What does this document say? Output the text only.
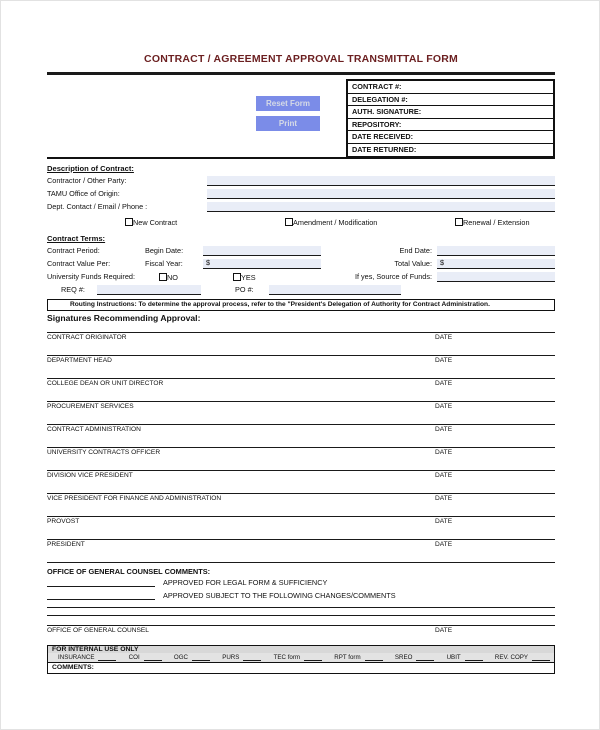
CONTRACT / AGREEMENT APPROVAL TRANSMITTAL FORM
Reset Form
Print
CONTRACT #:
DELEGATION #:
AUTH. SIGNATURE:
REPOSITORY:
DATE RECEIVED:
DATE RETURNED:
Description of Contract:
Contractor / Other Party:
TAMU Office of Origin:
Dept. Contact / Email / Phone :
New Contract	Amendment / Modification	Renewal / Extension
Contract Terms:
Contract Period:	Begin Date:	End Date:
Contract Value Per:	Fiscal Year:	$	Total Value:	$
University Funds Required:	NO	YES	If yes, Source of Funds:
REQ #:	PO #:
Routing Instructions: To determine the approval process, refer to the "President's Delegation of Authority for Contract Administration.
Signatures Recommending Approval:
CONTRACT ORIGINATOR	DATE
DEPARTMENT HEAD	DATE
COLLEGE DEAN OR UNIT DIRECTOR	DATE
PROCUREMENT SERVICES	DATE
CONTRACT ADMINISTRATION	DATE
UNIVERSITY CONTRACTS OFFICER	DATE
DIVISION VICE PRESIDENT	DATE
VICE PRESIDENT FOR FINANCE AND ADMINISTRATION	DATE
PROVOST	DATE
PRESIDENT	DATE
OFFICE OF GENERAL COUNSEL COMMENTS:
APPROVED FOR LEGAL FORM & SUFFICIENCY
APPROVED SUBJECT TO THE FOLLOWING CHANGES/COMMENTS
OFFICE OF GENERAL COUNSEL	DATE
FOR INTERNAL USE ONLY
INSURANCE	COI	OGC	PURS	TEC form	RPT form	SREO	UBIT	REV. COPY
COMMENTS:
